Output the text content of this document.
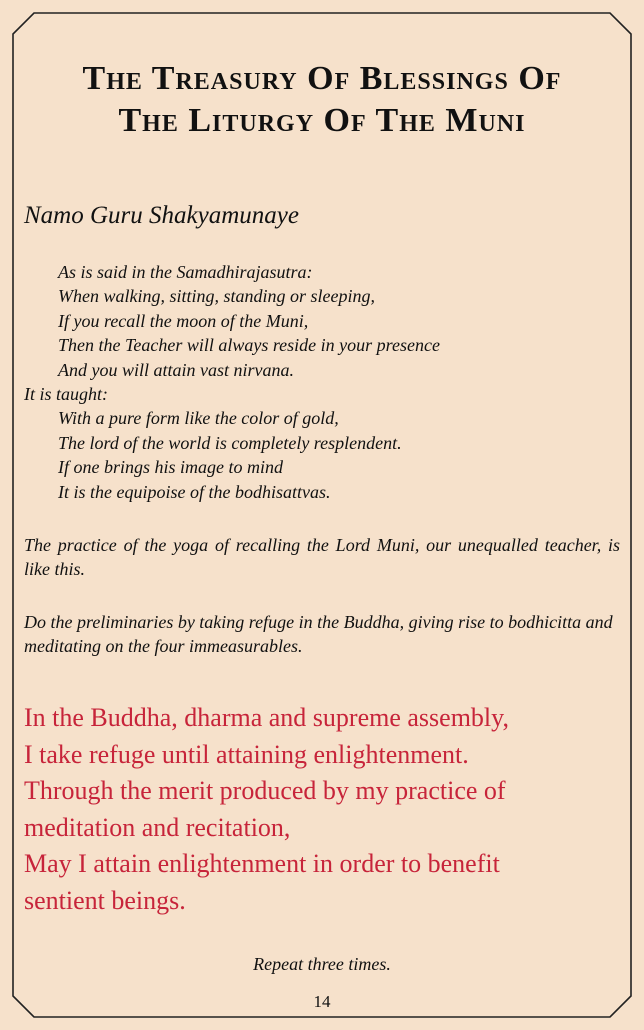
The Treasury Of Blessings Of
The Liturgy Of The Muni
Namo Guru Shakyamunaye
As is said in the Samadhirajasutra:
When walking, sitting, standing or sleeping,
If you recall the moon of the Muni,
Then the Teacher will always reside in your presence
And you will attain vast nirvana.
It is taught:
With a pure form like the color of gold,
The lord of the world is completely resplendent.
If one brings his image to mind
It is the equipoise of the bodhisattvas.
The practice of the yoga of recalling the Lord Muni, our unequalled teacher, is like this.
Do the preliminaries by taking refuge in the Buddha, giving rise to bodhicitta and meditating on the four immeasurables.
In the Buddha, dharma and supreme assembly,
I take refuge until attaining enlightenment.
Through the merit produced by my practice of
meditation and recitation,
May I attain enlightenment in order to benefit
sentient beings.
Repeat three times.
14
